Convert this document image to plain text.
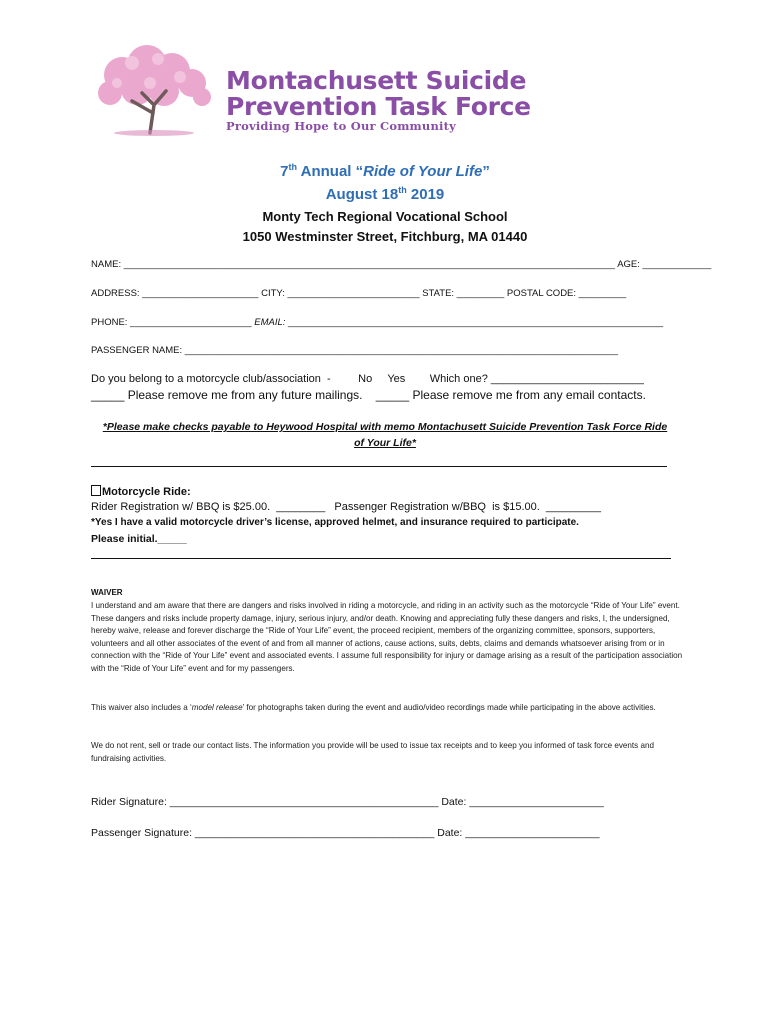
Montachusett Suicide
Prevention Task Force
Providing Hope to Our Community
7th Annual “Ride of Your Life”
August 18th 2019
Monty Tech Regional Vocational School
1050 Westminster Street, Fitchburg, MA 01440
NAME: _____________________________________________________________________________________________ AGE: _____________
ADDRESS: ______________________ CITY: _________________________ STATE: _________ POSTAL CODE: _________
PHONE: _______________________ EMAIL: _______________________________________________________________________
PASSENGER NAME: __________________________________________________________________________________
Do you belong to a motorcycle club/association  -         No     Yes        Which one? _________________________
_____ Please remove me from any future mailings.    _____ Please remove me from any email contacts.
*Please make checks payable to Heywood Hospital with memo Montachusett Suicide Prevention Task Force Ride
of Your Life*
Motorcycle Ride:
Rider Registration w/ BBQ is $25.00.  ________   Passenger Registration w/BBQ  is $15.00.  _________
*Yes I have a valid motorcycle driver’s license, approved helmet, and insurance required to participate.
Please initial._____
WAIVER
I understand and am aware that there are dangers and risks involved in riding a motorcycle, and riding in an activity such as the motorcycle “Ride of Your Life” event. These dangers and risks include property damage, injury, serious injury, and/or death. Knowing and appreciating fully these dangers and risks, I, the undersigned, hereby waive, release and forever discharge the “Ride of Your Life” event, the proceed recipient, members of the organizing committee, sponsors, supporters, volunteers and all other associates of the event of and from all manner of actions, cause actions, suits, debts, claims and demands whatsoever arising from or in connection with the “Ride of Your Life” event and associated events. I assume full responsibility for injury or damage arising as a result of the participation association with the “Ride of Your Life” event and for my passengers.
This waiver also includes a ‘model release’ for photographs taken during the event and audio/video recordings made while participating in the above activities.
We do not rent, sell or trade our contact lists. The information you provide will be used to issue tax receipts and to keep you informed of task force events and fundraising activities.
Rider Signature: ______________________________________________ Date: _______________________
Passenger Signature: _________________________________________ Date: _______________________
